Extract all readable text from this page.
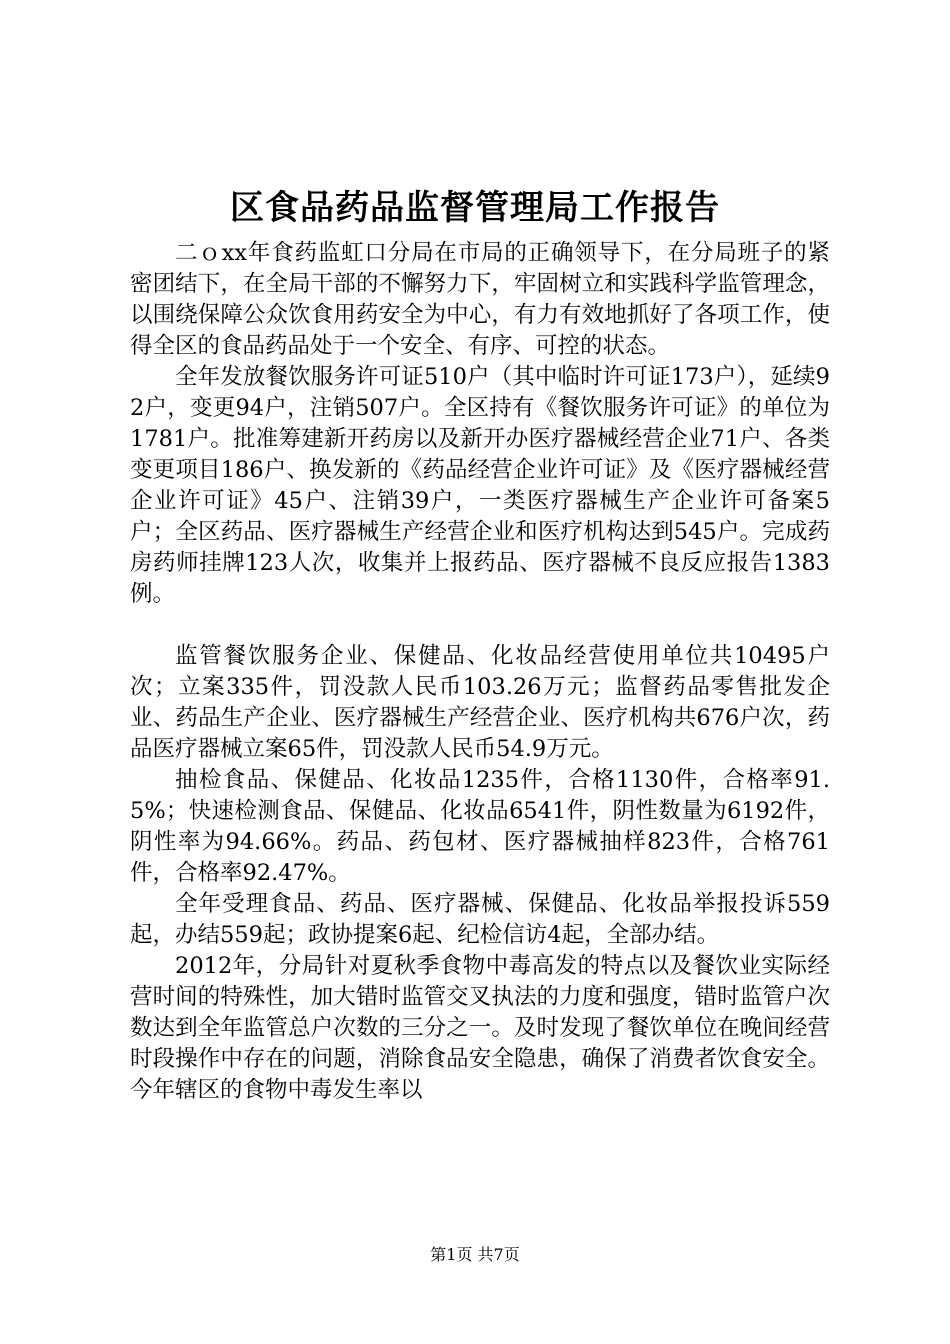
区食品药品监督管理局工作报告

二ｏxx年食药监虹口分局在市局的正确领导下，在分局班子的紧密团结下，在全局干部的不懈努力下，牢固树立和实践科学监管理念，以围绕保障公众饮食用药安全为中心，有力有效地抓好了各项工作，使得全区的食品药品处于一个安全、有序、可控的状态。

全年发放餐饮服务许可证510户（其中临时许可证173户），延续92户，变更94户，注销507户。全区持有《餐饮服务许可证》的单位为1781户。批准筹建新开药房以及新开办医疗器械经营企业71户、各类变更项目186户、换发新的《药品经营企业许可证》及《医疗器械经营企业许可证》45户、注销39户，一类医疗器械生产企业许可备案5户；全区药品、医疗器械生产经营企业和医疗机构达到545户。完成药房药师挂牌123人次，收集并上报药品、医疗器械不良反应报告1383例。

监管餐饮服务企业、保健品、化妆品经营使用单位共10495户次；立案335件，罚没款人民币103.26万元；监督药品零售批发企业、药品生产企业、医疗器械生产经营企业、医疗机构共676户次，药品医疗器械立案65件，罚没款人民币54.9万元。

抽检食品、保健品、化妆品1235件，合格1130件，合格率91.5%；快速检测食品、保健品、化妆品6541件，阴性数量为6192件，阴性率为94.66%。药品、药包材、医疗器械抽样823件，合格761件，合格率92.47%。

全年受理食品、药品、医疗器械、保健品、化妆品举报投诉559起，办结559起；政协提案6起、纪检信访4起，全部办结。

2012年，分局针对夏秋季食物中毒高发的特点以及餐饮业实际经营时间的特殊性，加大错时监管交叉执法的力度和强度，错时监管户次数达到全年监管总户次数的三分之一。及时发现了餐饮单位在晚间经营时段操作中存在的问题，消除食品安全隐患，确保了消费者饮食安全。今年辖区的食物中毒发生率以

第1页 共7页
